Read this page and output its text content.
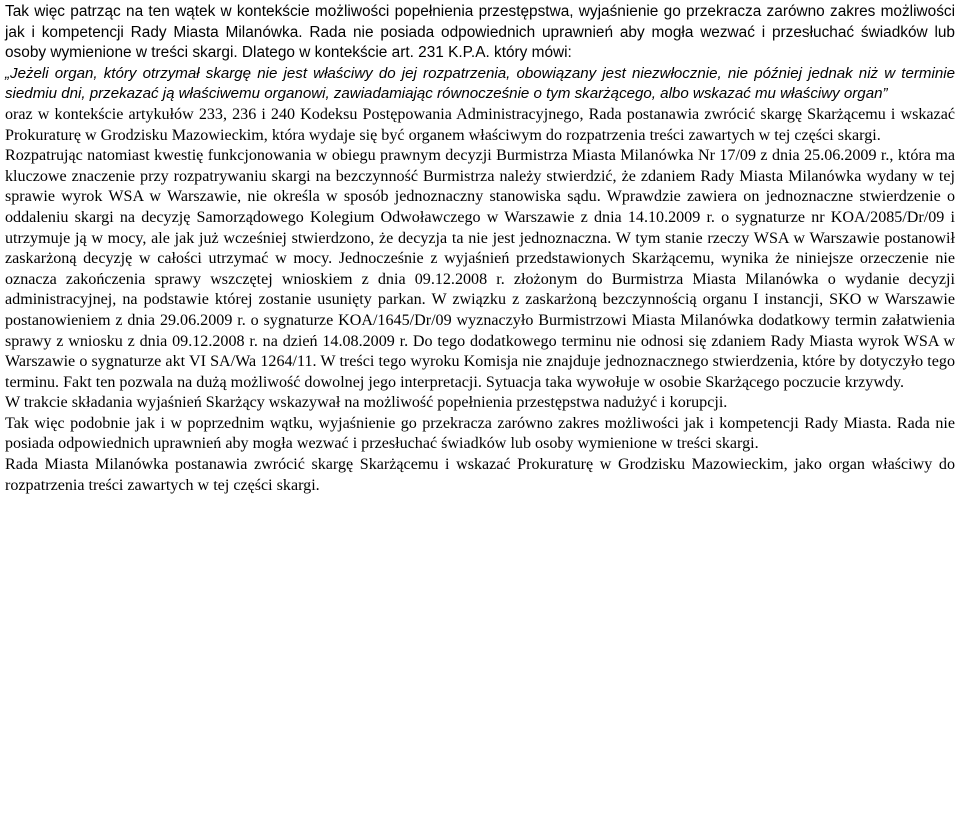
Tak więc patrząc na ten wątek w kontekście możliwości popełnienia przestępstwa, wyjaśnienie go przekracza zarówno zakres możliwości jak i kompetencji Rady Miasta Milanówka. Rada nie posiada odpowiednich uprawnień aby mogła wezwać i przesłuchać świadków lub osoby wymienione w treści skargi. Dlatego w kontekście art. 231 K.P.A. który mówi:

„Jeżeli organ, który otrzymał skargę nie jest właściwy do jej rozpatrzenia, obowiązany jest niezwłocznie, nie później jednak niż w terminie siedmiu dni, przekazać ją właściwemu organowi, zawiadamiając równocześnie o tym skarżącego, albo wskazać mu właściwy organ”

oraz w kontekście artykułów 233, 236 i 240 Kodeksu Postępowania Administracyjnego, Rada postanawia zwrócić skargę Skarżącemu i wskazać Prokuraturę w Grodzisku Mazowieckim, która wydaje się być organem właściwym do rozpatrzenia treści zawartych w tej części skargi.

Rozpatrując natomiast kwestię funkcjonowania w obiegu prawnym decyzji Burmistrza Miasta Milanówka Nr 17/09 z dnia 25.06.2009 r., która ma kluczowe znaczenie przy rozpatrywaniu skargi na bezczynność Burmistrza należy stwierdzić, że zdaniem Rady Miasta Milanówka wydany w tej sprawie wyrok WSA w Warszawie, nie określa w sposób jednoznaczny stanowiska sądu. Wprawdzie zawiera on jednoznaczne stwierdzenie o oddaleniu skargi na decyzję Samorządowego Kolegium Odwoławczego w Warszawie z dnia 14.10.2009 r. o sygnaturze nr KOA/2085/Dr/09 i utrzymuje ją w mocy, ale jak już wcześniej stwierdzono, że decyzja ta nie jest jednoznaczna. W tym stanie rzeczy WSA w Warszawie postanowił zaskarżoną decyzję w całości utrzymać w mocy. Jednocześnie z wyjaśnień przedstawionych Skarżącemu, wynika że niniejsze orzeczenie nie oznacza zakończenia sprawy wszczętej wnioskiem z dnia 09.12.2008 r. złożonym do Burmistrza Miasta Milanówka o wydanie decyzji administracyjnej, na podstawie której zostanie usunięty parkan. W związku z zaskarżoną bezczynnością organu I instancji, SKO w Warszawie postanowieniem z dnia 29.06.2009 r. o sygnaturze KOA/1645/Dr/09 wyznaczyło Burmistrzowi Miasta Milanówka dodatkowy termin załatwienia sprawy z wniosku z dnia 09.12.2008 r. na dzień 14.08.2009 r. Do tego dodatkowego terminu nie odnosi się zdaniem Rady Miasta wyrok WSA w Warszawie o sygnaturze akt VI SA/Wa 1264/11. W treści tego wyroku Komisja nie znajduje jednoznacznego stwierdzenia, które by dotyczyło tego terminu. Fakt ten pozwala na dużą możliwość dowolnej jego interpretacji. Sytuacja taka wywołuje w osobie Skarżącego poczucie krzywdy.

W trakcie składania wyjaśnień Skarżący wskazywał na możliwość popełnienia przestępstwa nadużyć i korupcji.

Tak więc podobnie jak i w poprzednim wątku, wyjaśnienie go przekracza zarówno zakres możliwości jak i kompetencji Rady Miasta. Rada nie posiada odpowiednich uprawnień aby mogła wezwać i przesłuchać świadków lub osoby wymienione w treści skargi.

Rada Miasta Milanówka postanawia zwrócić skargę Skarżącemu i wskazać Prokuraturę w Grodzisku Mazowieckim, jako organ właściwy do rozpatrzenia treści zawartych w tej części skargi.
